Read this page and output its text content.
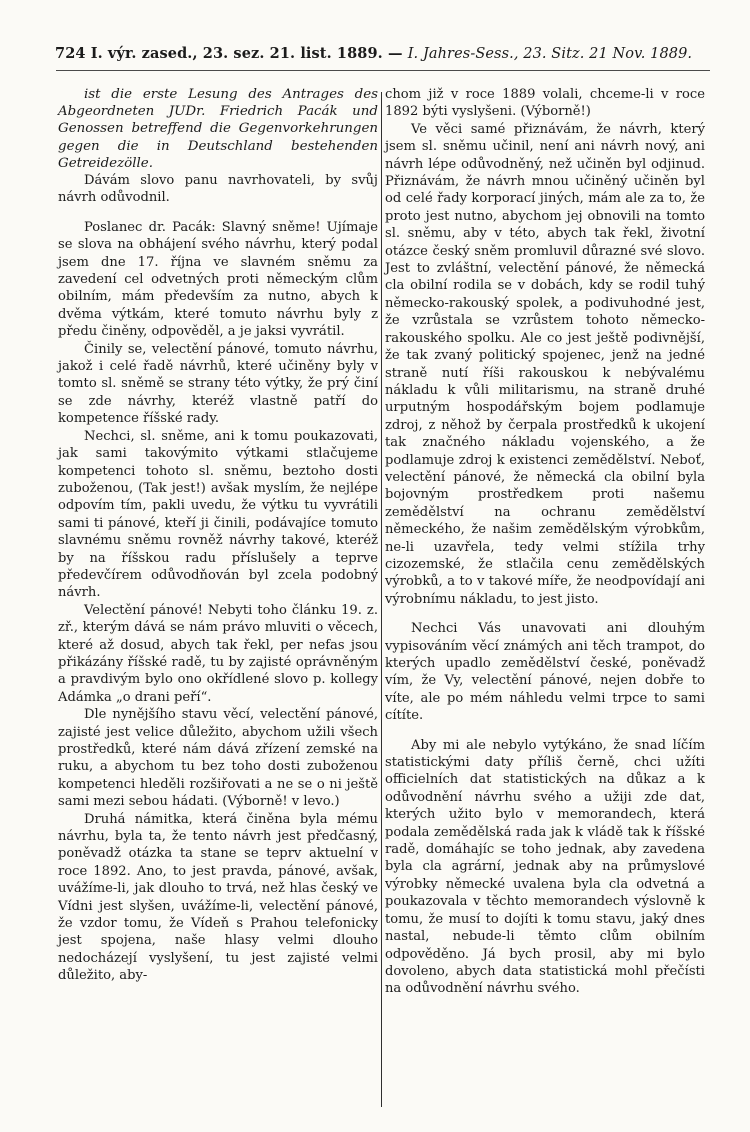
724 I. výr. zased., 23. sez. 21. list. 1889. — I. Jahres-Sess., 23. Sitz. 21 Nov. 1889.

ist die erste Lesung des Antrages des Abgeordneten JUDr. Friedrich Pacák und Genossen betreffend die Gegenvorkehrungen gegen die in Deutschland bestehenden Getreidezölle.

Dávám slovo panu navrhovateli, by svůj návrh odůvodnil.

Poslanec dr. Pacák: Slavný sněme! Ujímaje se slova na obhájení svého návrhu, který podal jsem dne 17. října ve slavném sněmu za zavedení cel odvetných proti německým clům obilním, mám především za nutno, abych k dvěma výtkám, které tomuto návrhu byly z předu činěny, odpověděl, a je jaksi vyvrátil.

Činily se, velectění pánové, tomuto návrhu, jakož i celé řadě návrhů, které učiněny byly v tomto sl. sněmě se strany této výtky, že prý činí se zde návrhy, kteréž vlastně patří do kompetence říšské rady.

Nechci, sl. sněme, ani k tomu poukazovati, jak sami takovýmito výtkami stlačujeme kompetenci tohoto sl. sněmu, beztoho dosti zuboženou, (Tak jest!) avšak myslím, že nejlépe odpovím tím, pakli uvedu, že výtku tu vyvrátili sami ti pánové, kteří ji činili, podávajíce tomuto slavnému sněmu rovněž návrhy takové, kteréž by na říšskou radu příslušely a teprve předevčírem odůvodňován byl zcela podobný návrh.

Velectění pánové! Nebyti toho článku 19. z. zř., kterým dává se nám právo mluviti o věcech, které až dosud, abych tak řekl, per nefas jsou přikázány říšské radě, tu by zajisté oprávněným a pravdivým bylo ono okřídlené slovo p. kollegy Adámka „o drani peří“.

Dle nynějšího stavu věcí, velectění pánové, zajisté jest velice důležito, abychom užili všech prostředků, které nám dává zřízení zemské na ruku, a abychom tu bez toho dosti zuboženou kompetenci hleděli rozšiřovati a ne se o ni ještě sami mezi sebou hádati. (Výborně! v levo.)

Druhá námitka, která činěna byla mému návrhu, byla ta, že tento návrh jest předčasný, poněvadž otázka ta stane se teprv aktuelní v roce 1892. Ano, to jest pravda, pánové, avšak, uvážíme-li, jak dlouho to trvá, než hlas český ve Vídni jest slyšen, uvážíme-li, velectění pánové, že vzdor tomu, že Vídeň s Prahou telefonicky jest spojena, naše hlasy velmi dlouho nedocházejí vyslyšení, tu jest zajisté velmi důležito, aby-

chom již v roce 1889 volali, chceme-li v roce 1892 býti vyslyšeni. (Výborně!)

Ve věci samé přiznávám, že návrh, který jsem sl. sněmu učinil, není ani návrh nový, ani návrh lépe odůvodněný, než učiněn byl odjinud. Přiznávám, že návrh mnou učiněný učiněn byl od celé řady korporací jiných, mám ale za to, že proto jest nutno, abychom jej obnovili na tomto sl. sněmu, aby v této, abych tak řekl, životní otázce český sněm promluvil důrazné své slovo. Jest to zvláštní, velectění pánové, že německá cla obilní rodila se v dobách, kdy se rodil tuhý německo-rakouský spolek, a podivuhodné jest, že vzrůstala se vzrůstem tohoto německo-rakouského spolku. Ale co jest ještě podivnější, že tak zvaný politický spojenec, jenž na jedné straně nutí říši rakouskou k nebývalému nákladu k vůli militarismu, na straně druhé urputným hospodářským bojem podlamuje zdroj, z něhož by čerpala prostředků k ukojení tak značného nákladu vojenského, a že podlamuje zdroj k existenci zemědělství. Neboť, velectění pánové, že německá cla obilní byla bojovným prostředkem proti našemu zemědělství na ochranu zemědělství německého, že našim zemědělským výrobkům, ne-li uzavřela, tedy velmi stížila trhy cizozemské, že stlačila cenu zemědělských výrobků, a to v takové míře, že neodpovídají ani výrobnímu nákladu, to jest jisto.

Nechci Vás unavovati ani dlouhým vypisováním věcí známých ani těch trampot, do kterých upadlo zemědělství české, poněvadž vím, že Vy, velectění pánové, nejen dobře to víte, ale po mém náhledu velmi trpce to sami cítíte.

Aby mi ale nebylo vytýkáno, že snad líčím statistickými daty příliš černě, chci užíti officielních dat statistických na důkaz a k odůvodnění návrhu svého a užiji zde dat, kterých užito bylo v memorandech, která podala zemědělská rada jak k vládě tak k říšské radě, domáhajíc se toho jednak, aby zavedena byla cla agrární, jednak aby na průmyslové výrobky německé uvalena byla cla odvetná a poukazovala v těchto memorandech výslovně k tomu, že musí to dojíti k tomu stavu, jaký dnes nastal, nebude-li těmto clům obilním odpověděno. Já bych prosil, aby mi bylo dovoleno, abych data statistická mohl přečísti na odůvodnění návrhu svého.
